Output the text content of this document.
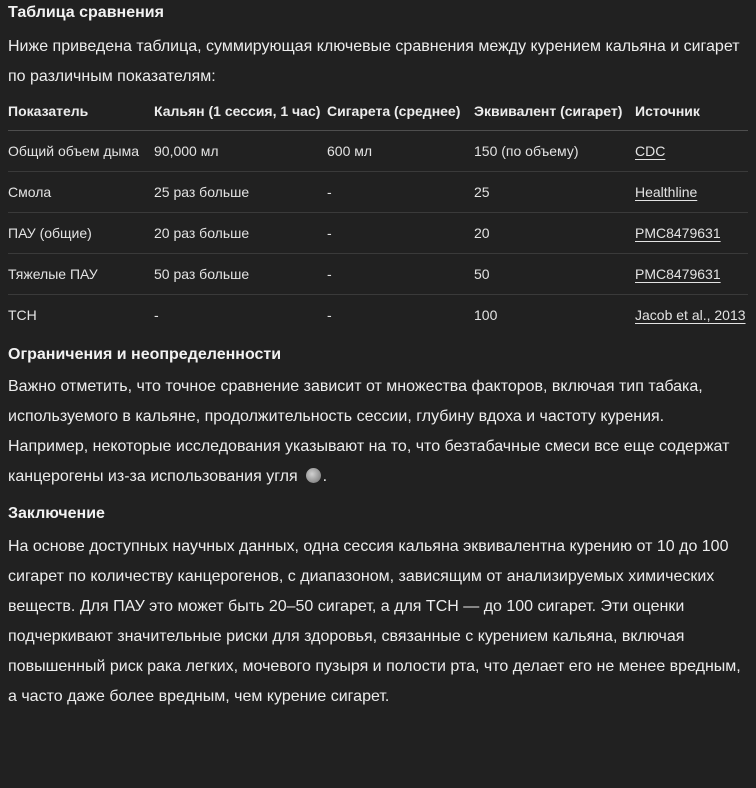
Таблица сравнения

Ниже приведена таблица, суммирующая ключевые сравнения между курением кальяна и сигарет по различным показателям:

Показатель	Кальян (1 сессия, 1 час)	Сигарета (среднее)	Эквивалент (сигарет)	Источник
Общий объем дыма	90,000 мл	600 мл	150 (по объему)	CDC
Смола	25 раз больше	-	25	Healthline
ПАУ (общие)	20 раз больше	-	20	PMC8479631
Тяжелые ПАУ	50 раз больше	-	50	PMC8479631
TCH	-	-	100	Jacob et al., 2013
Ограничения и неопределенности

Важно отметить, что точное сравнение зависит от множества факторов, включая тип табака, используемого в кальяне, продолжительность сессии, глубину вдоха и частоту курения. Например, некоторые исследования указывают на то, что безтабачные смеси все еще содержат канцерогены из-за использования угля .

Заключение

На основе доступных научных данных, одна сессия кальяна эквивалентна курению от 10 до 100 сигарет по количеству канцерогенов, с диапазоном, зависящим от анализируемых химических веществ. Для ПАУ это может быть 20–50 сигарет, а для TCH — до 100 сигарет. Эти оценки подчеркивают значительные риски для здоровья, связанные с курением кальяна, включая повышенный риск рака легких, мочевого пузыря и полости рта, что делает его не менее вредным, а часто даже более вредным, чем курение сигарет.
